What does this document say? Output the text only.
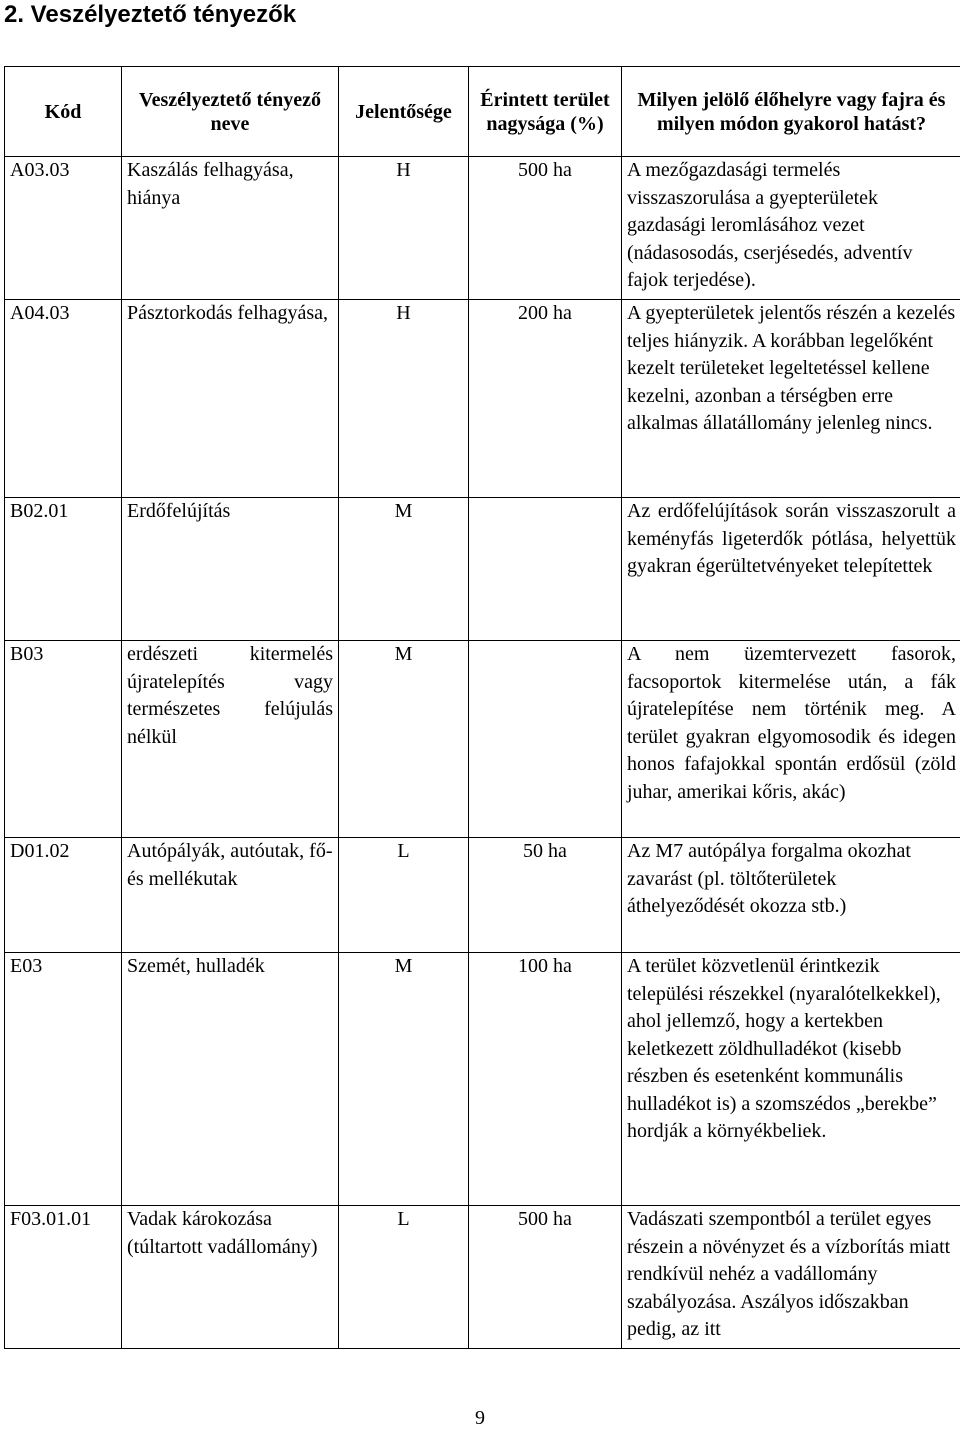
2. Veszélyeztető tényezők
Kód	Veszélyeztető tényező neve	Jelentősége	Érintett terület nagysága (%)	Milyen jelölő élőhelyre vagy fajra és milyen módon gyakorol hatást?
A03.03	Kaszálás felhagyása, hiánya	H	500 ha	A mezőgazdasági termelés visszaszorulása a gyepterületek gazdasági leromlásához vezet (nádasosodás, cserjésedés, adventív fajok terjedése).
A04.03	Pásztorkodás felhagyása,	H	200 ha	A gyepterületek jelentős részén a kezelés teljes hiányzik. A korábban legelőként kezelt területeket legeltetéssel kellene kezelni, azonban a térségben erre alkalmas állatállomány jelenleg nincs.
B02.01	Erdőfelújítás	M		Az erdőfelújítások során visszaszorult a keményfás ligeterdők pótlása, helyettük gyakran égerültetvényeket telepítettek
B03	erdészeti kitermelés újratelepítés vagy természetes felújulás nélkül	M		A nem üzemtervezett fasorok, facsoportok kitermelése után, a fák újratelepítése nem történik meg. A terület gyakran elgyomosodik és idegen honos fafajokkal spontán erdősül (zöld juhar, amerikai kőris, akác)
D01.02	Autópályák, autóutak, fő- és mellékutak	L	50 ha	Az M7 autópálya forgalma okozhat zavarást (pl. töltőterületek áthelyeződését okozza stb.)
E03	Szemét, hulladék	M	100 ha	A terület közvetlenül érintkezik települési részekkel (nyaralótelkekkel), ahol jellemző, hogy a kertekben keletkezett zöldhulladékot (kisebb részben és esetenként kommunális hulladékot is) a szomszédos „berekbe” hordják a környékbeliek.
F03.01.01	Vadak károkozása (túltartott vadállomány)	L	500 ha	Vadászati szempontból a terület egyes részein a növényzet és a vízborítás miatt rendkívül nehéz a vadállomány szabályozása. Aszályos időszakban pedig, az itt
9
